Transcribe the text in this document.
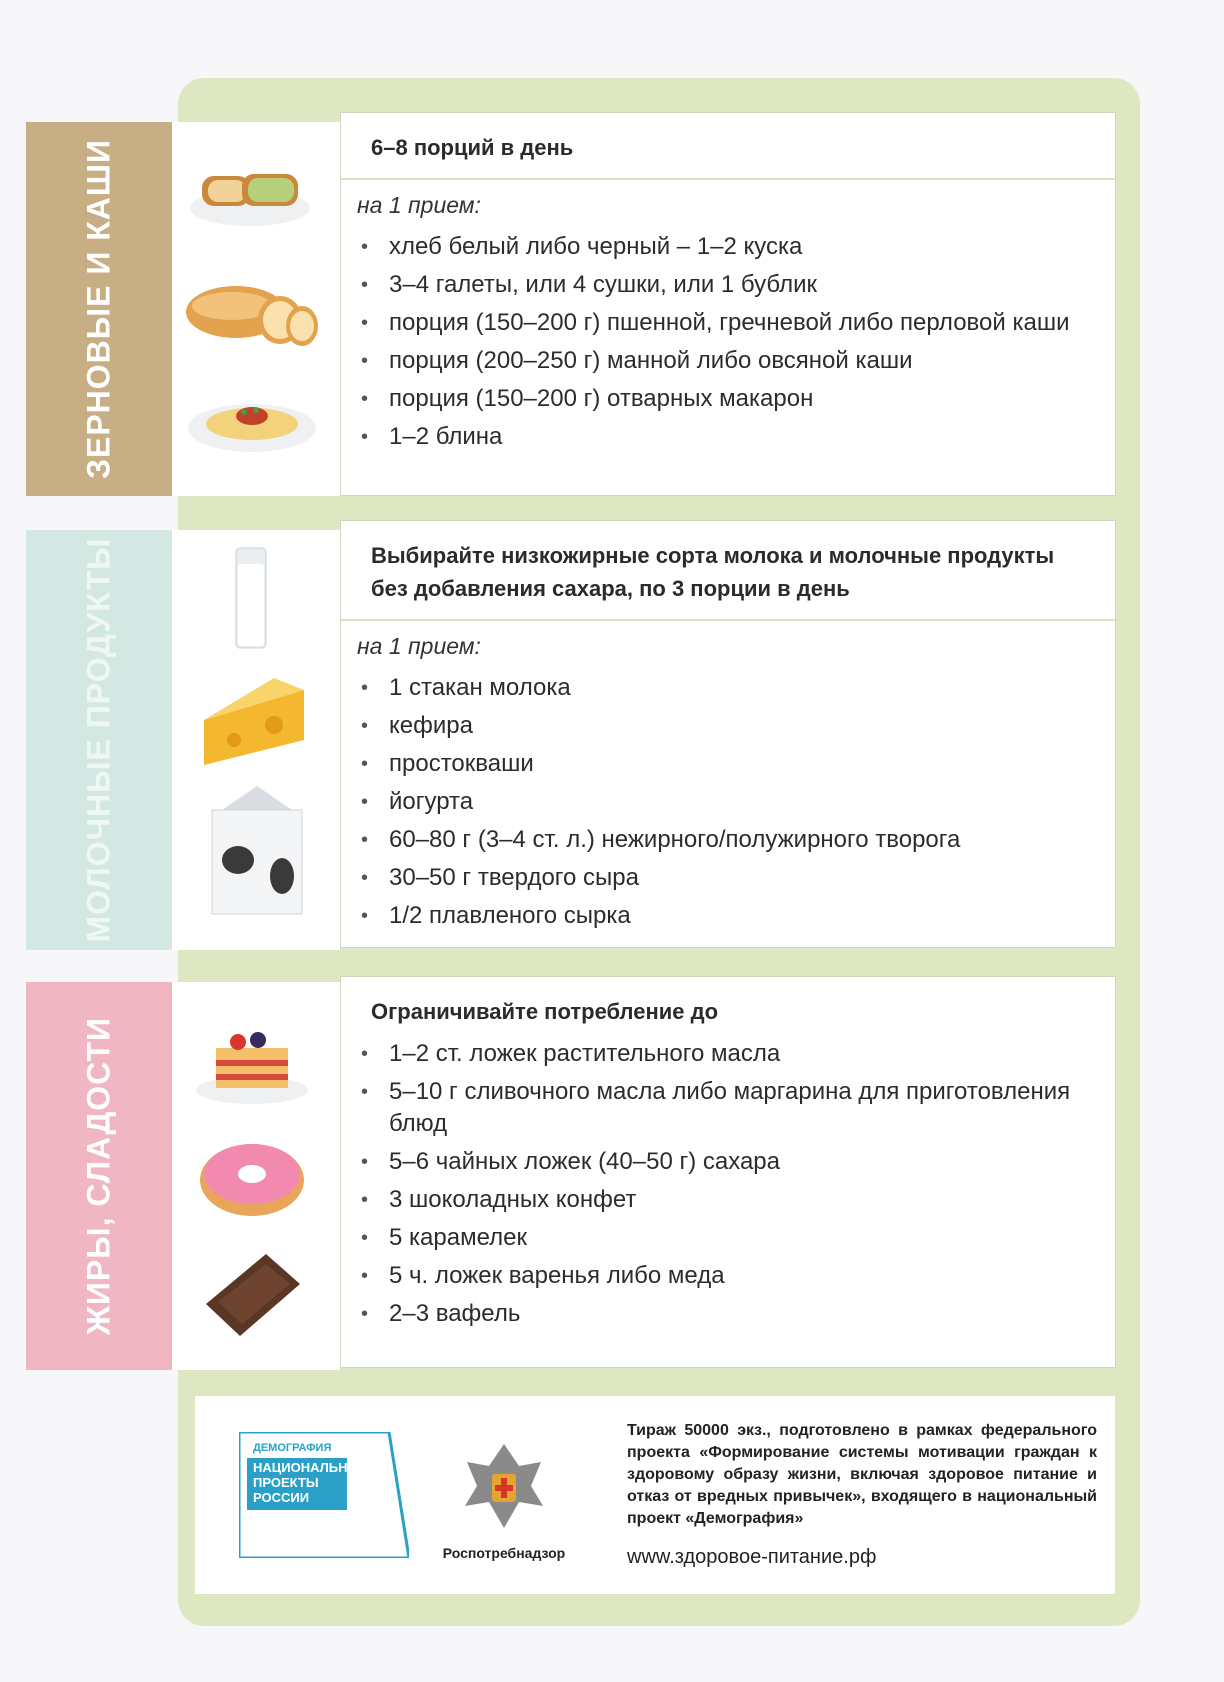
ЗЕРНОВЫЕ И КАШИ	6–8 порций в день
на 1 прием:
• хлеб белый либо черный – 1–2 куска
• 3–4 галеты, или 4 сушки, или 1 бублик
• порция (150–200 г) пшенной, гречневой либо перловой каши
• порция (200–250 г) манной либо овсяной каши
• порция (150–200 г) отварных макарон
• 1–2 блина
МОЛОЧНЫЕ ПРОДУКТЫ	Выбирайте низкожирные сорта молока и молочные продукты без добавления сахара, по 3 порции в день
на 1 прием:
• 1 стакан молока
• кефира
• простокваши
• йогурта
• 60–80 г (3–4 ст. л.) нежирного/полужирного творога
• 30–50 г твердого сыра
• 1/2 плавленого сырка
ЖИРЫ, СЛАДОСТИ
Ограничивайте потребление до
• 1–2 ст. ложек растительного масла
• 5–10 г сливочного масла либо маргарина для приготовления блюд
• 5–6 чайных ложек (40–50 г) сахара
• 3 шоколадных конфет
• 5 карамелек
• 5 ч. ложек варенья либо меда
• 2–3 вафель
ДЕМОГРАФИЯ
НАЦИОНАЛЬНЫЕ ПРОЕКТЫ РОССИИ
Роспотребнадзор
Тираж 50000 экз., подготовлено в рамках федерального проекта «Формирование системы мотивации граждан к здоровому образу жизни, включая здоровое питание и отказ от вредных привычек», входящего в национальный проект «Демография»
www.здоровое-питание.рф
